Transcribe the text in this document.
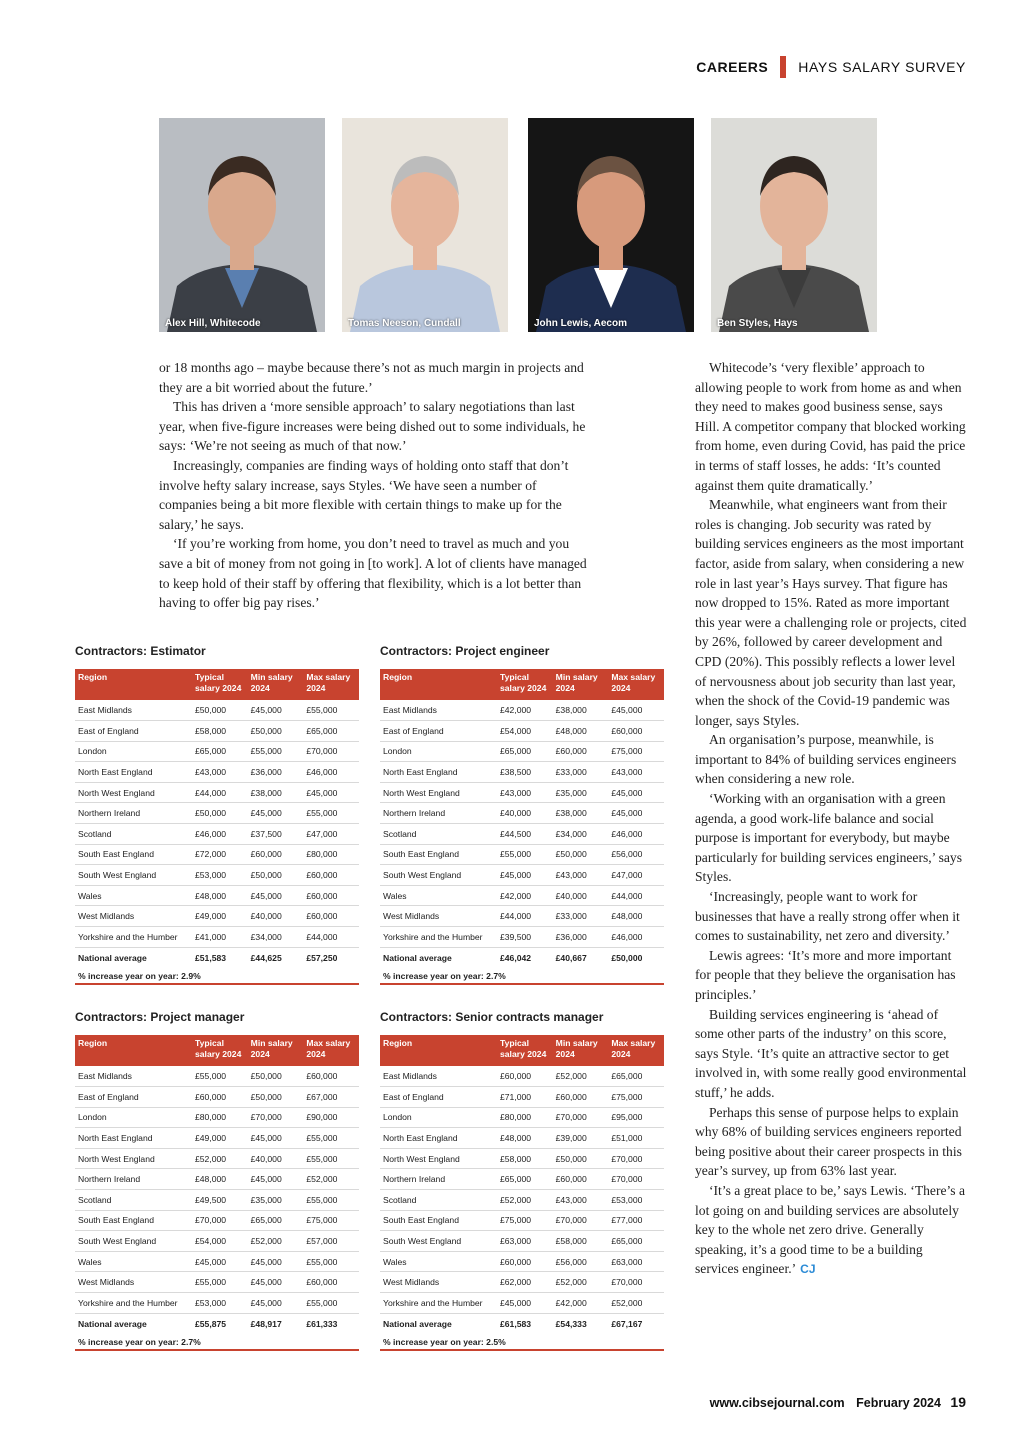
CAREERS HAYS SALARY SURVEY
Alex Hill, Whitecode	Tomas Neeson, Cundall	John Lewis, Aecom	Ben Styles, Hays

or 18 months ago – maybe because there’s not as much margin in projects and they are a bit worried about the future.’

This has driven a ‘more sensible approach’ to salary negotiations than last year, when five-figure increases were being dished out to some individuals, he says: ‘We’re not seeing as much of that now.’

Increasingly, companies are finding ways of holding onto staff that don’t involve hefty salary increase, says Styles. ‘We have seen a number of companies being a bit more flexible with certain things to make up for the salary,’ he says.

‘If you’re working from home, you don’t need to travel as much and you save a bit of money from not going in [to work]. A lot of clients have managed to keep hold of their staff by offering that flexibility, which is a lot better than having to offer big pay rises.’

Whitecode’s ‘very flexible’ approach to allowing people to work from home as and when they need to makes good business sense, says Hill. A competitor company that blocked working from home, even during Covid, has paid the price in terms of staff losses, he adds: ‘It’s counted against them quite dramatically.’

Meanwhile, what engineers want from their roles is changing. Job security was rated by building services engineers as the most important factor, aside from salary, when considering a new role in last year’s Hays survey. That figure has now dropped to 15%. Rated as more important this year were a challenging role or projects, cited by 26%, followed by career development and CPD (20%). This possibly reflects a lower level of nervousness about job security than last year, when the shock of the Covid-19 pandemic was longer, says Styles.

An organisation’s purpose, meanwhile, is important to 84% of building services engineers when considering a new role.

‘Working with an organisation with a green agenda, a good work-life balance and social purpose is important for everybody, but maybe particularly for building services engineers,’ says Styles.

‘Increasingly, people want to work for businesses that have a really strong offer when it comes to sustainability, net zero and diversity.’

Lewis agrees: ‘It’s more and more important for people that they believe the organisation has principles.’

Building services engineering is ‘ahead of some other parts of the industry’ on this score, says Style. ‘It’s quite an attractive sector to get involved in, with some really good environmental stuff,’ he adds.

Perhaps this sense of purpose helps to explain why 68% of building services engineers reported being positive about their career prospects in this year’s survey, up from 63% last year.

‘It’s a great place to be,’ says Lewis. ‘There’s a lot going on and building services are absolutely key to the whole net zero drive. Generally speaking, it’s a good time to be a building services engineer.’ CJ

Contractors: Estimator
Region	Typical salary 2024	Min salary 2024	Max salary 2024
East Midlands	£50,000	£45,000	£55,000
East of England	£58,000	£50,000	£65,000
London	£65,000	£55,000	£70,000
North East England	£43,000	£36,000	£46,000
North West England	£44,000	£38,000	£45,000
Northern Ireland	£50,000	£45,000	£55,000
Scotland	£46,000	£37,500	£47,000
South East England	£72,000	£60,000	£80,000
South West England	£53,000	£50,000	£60,000
Wales	£48,000	£45,000	£60,000
West Midlands	£49,000	£40,000	£60,000
Yorkshire and the Humber	£41,000	£34,000	£44,000
National average	£51,583	£44,625	£57,250
% increase year on year: 2.9%
Contractors: Project engineer
Region	Typical salary 2024	Min salary 2024	Max salary 2024
East Midlands	£42,000	£38,000	£45,000
East of England	£54,000	£48,000	£60,000
London	£65,000	£60,000	£75,000
North East England	£38,500	£33,000	£43,000
North West England	£43,000	£35,000	£45,000
Northern Ireland	£40,000	£38,000	£45,000
Scotland	£44,500	£34,000	£46,000
South East England	£55,000	£50,000	£56,000
South West England	£45,000	£43,000	£47,000
Wales	£42,000	£40,000	£44,000
West Midlands	£44,000	£33,000	£48,000
Yorkshire and the Humber	£39,500	£36,000	£46,000
National average	£46,042	£40,667	£50,000
% increase year on year: 2.7%
Contractors: Project manager
Region	Typical salary 2024	Min salary 2024	Max salary 2024
East Midlands	£55,000	£50,000	£60,000
East of England	£60,000	£50,000	£67,000
London	£80,000	£70,000	£90,000
North East England	£49,000	£45,000	£55,000
North West England	£52,000	£40,000	£55,000
Northern Ireland	£48,000	£45,000	£52,000
Scotland	£49,500	£35,000	£55,000
South East England	£70,000	£65,000	£75,000
South West England	£54,000	£52,000	£57,000
Wales	£45,000	£45,000	£55,000
West Midlands	£55,000	£45,000	£60,000
Yorkshire and the Humber	£53,000	£45,000	£55,000
National average	£55,875	£48,917	£61,333
% increase year on year: 2.7%
Contractors: Senior contracts manager
Region	Typical salary 2024	Min salary 2024	Max salary 2024
East Midlands	£60,000	£52,000	£65,000
East of England	£71,000	£60,000	£75,000
London	£80,000	£70,000	£95,000
North East England	£48,000	£39,000	£51,000
North West England	£58,000	£50,000	£70,000
Northern Ireland	£65,000	£60,000	£70,000
Scotland	£52,000	£43,000	£53,000
South East England	£75,000	£70,000	£77,000
South West England	£63,000	£58,000	£65,000
Wales	£60,000	£56,000	£63,000
West Midlands	£62,000	£52,000	£70,000
Yorkshire and the Humber	£45,000	£42,000	£52,000
National average	£61,583	£54,333	£67,167
% increase year on year: 2.5%
www.cibsejournal.com February 2024 19
